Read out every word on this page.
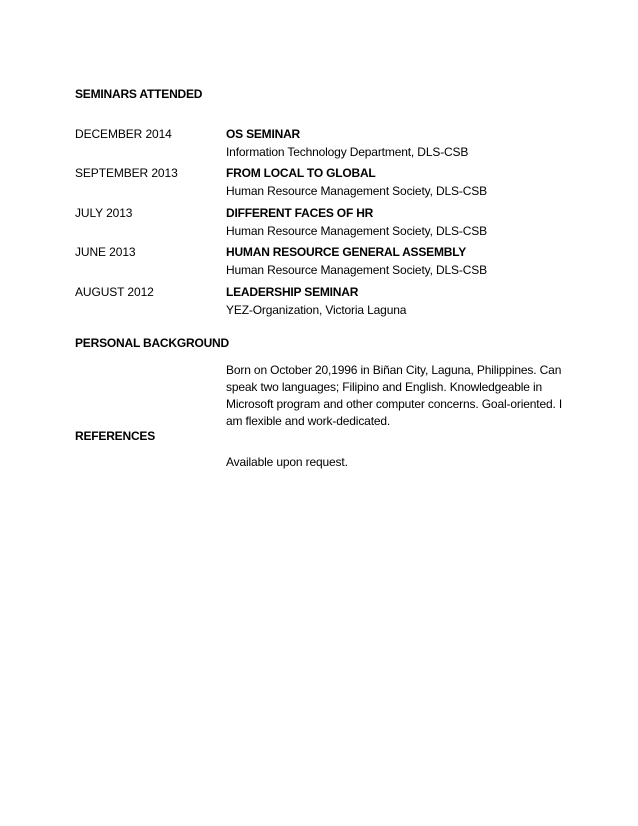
SEMINARS ATTENDED
DECEMBER 2014	OS SEMINAR
Information Technology Department, DLS-CSB
SEPTEMBER 2013	FROM LOCAL TO GLOBAL
Human Resource Management Society, DLS-CSB
JULY 2013	DIFFERENT FACES OF HR
Human Resource Management Society, DLS-CSB
JUNE 2013	HUMAN RESOURCE GENERAL ASSEMBLY
Human Resource Management Society, DLS-CSB
AUGUST 2012	LEADERSHIP SEMINAR
YEZ-Organization, Victoria Laguna
PERSONAL BACKGROUND
Born on October 20,1996 in Biñan City, Laguna, Philippines. Can speak two languages; Filipino and English. Knowledgeable in Microsoft program and other computer concerns. Goal-oriented. I am flexible and work-dedicated.
REFERENCES
Available upon request.
